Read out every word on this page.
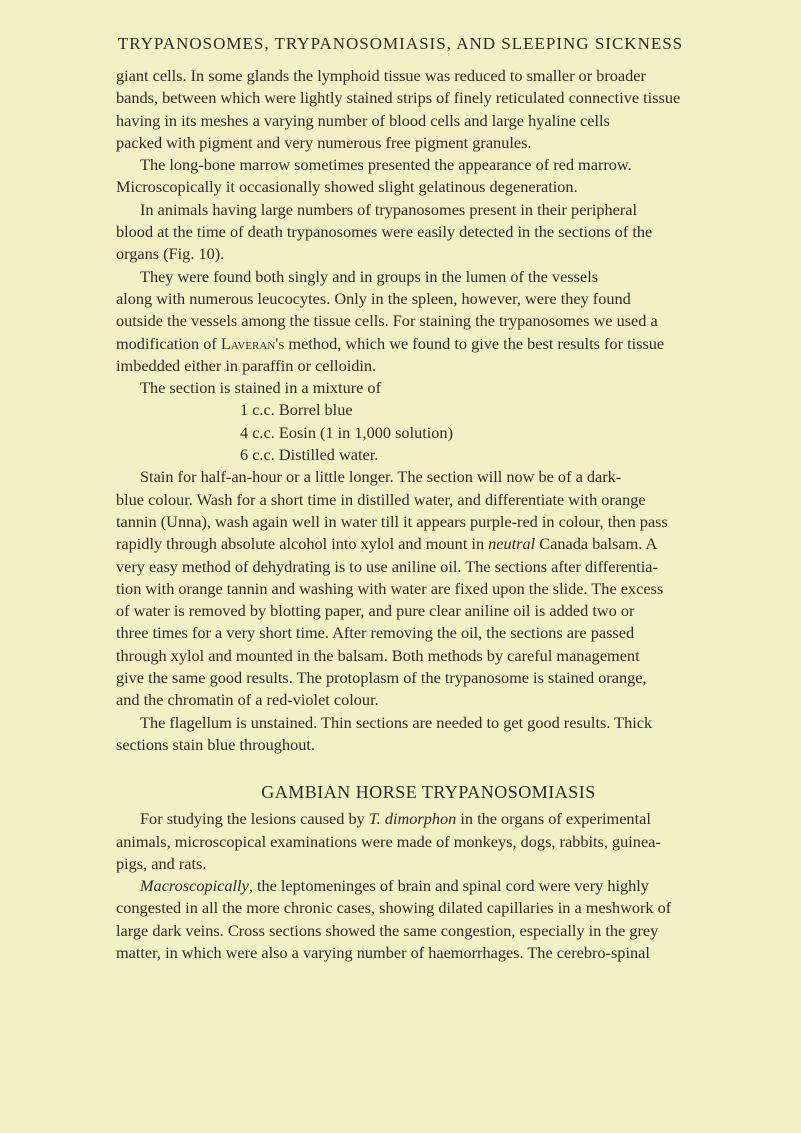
TRYPANOSOMES, TRYPANOSOMIASIS, AND SLEEPING SICKNESS
giant cells. In some glands the lymphoid tissue was reduced to smaller or broader
bands, between which were lightly stained strips of finely reticulated connective tissue
having in its meshes a varying number of blood cells and large hyaline cells
packed with pigment and very numerous free pigment granules.
The long-bone marrow sometimes presented the appearance of red marrow.
Microscopically it occasionally showed slight gelatinous degeneration.
In animals having large numbers of trypanosomes present in their peripheral
blood at the time of death trypanosomes were easily detected in the sections of the
organs (Fig. 10).
They were found both singly and in groups in the lumen of the vessels
along with numerous leucocytes. Only in the spleen, however, were they found
outside the vessels among the tissue cells. For staining the trypanosomes we used a
modification of Laveran's method, which we found to give the best results for tissue
imbedded either in paraffin or celloidin.
The section is stained in a mixture of
1 c.c. Borrel blue
4 c.c. Eosin (1 in 1,000 solution)
6 c.c. Distilled water.
Stain for half-an-hour or a little longer. The section will now be of a dark-
blue colour. Wash for a short time in distilled water, and differentiate with orange
tannin (Unna), wash again well in water till it appears purple-red in colour, then pass
rapidly through absolute alcohol into xylol and mount in neutral Canada balsam. A
very easy method of dehydrating is to use aniline oil. The sections after differentia-
tion with orange tannin and washing with water are fixed upon the slide. The excess
of water is removed by blotting paper, and pure clear aniline oil is added two or
three times for a very short time. After removing the oil, the sections are passed
through xylol and mounted in the balsam. Both methods by careful management
give the same good results. The protoplasm of the trypanosome is stained orange,
and the chromatin of a red-violet colour.
The flagellum is unstained. Thin sections are needed to get good results. Thick
sections stain blue throughout.
GAMBIAN HORSE TRYPANOSOMIASIS
For studying the lesions caused by T. dimorphon in the organs of experimental
animals, microscopical examinations were made of monkeys, dogs, rabbits, guinea-
pigs, and rats.
Macroscopically, the leptomeninges of brain and spinal cord were very highly
congested in all the more chronic cases, showing dilated capillaries in a meshwork of
large dark veins. Cross sections showed the same congestion, especially in the grey
matter, in which were also a varying number of haemorrhages. The cerebro-spinal
